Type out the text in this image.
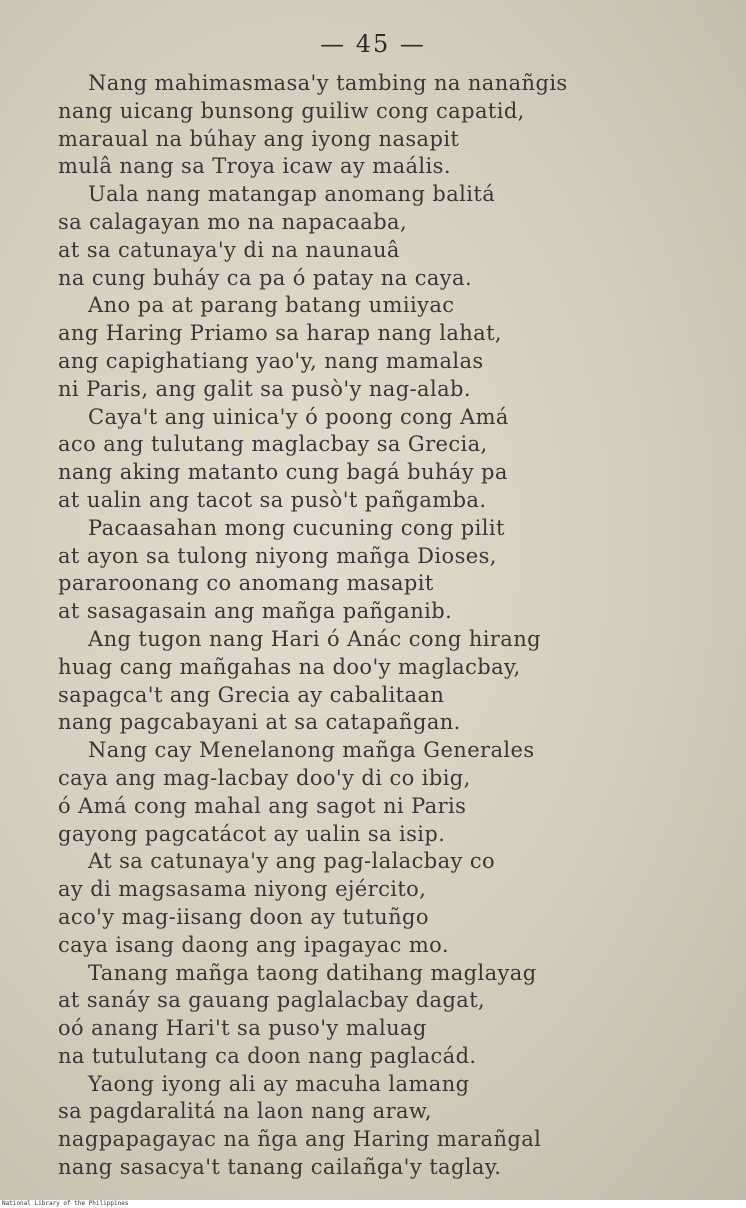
— 45 —
Nang mahimasmasa'y tambing na nanañgis
nang uicang bunsong guiliw cong capatid,
maraual na búhay ang iyong nasapit
mulâ nang sa Troya icaw ay maális.
Uala nang matangap anomang balitá
sa calagayan mo na napacaaba,
at sa catunaya'y di na naunauâ
na cung buháy ca pa ó patay na caya.
Ano pa at parang batang umiiyac
ang Haring Priamo sa harap nang lahat,
ang capighatiang yao'y, nang mamalas
ni Paris, ang galit sa pusò'y nag-alab.
Caya't ang uinica'y ó poong cong Amá
aco ang tulutang maglacbay sa Grecia,
nang aking matanto cung bagá buháy pa
at ualin ang tacot sa pusò't pañgamba.
Pacaasahan mong cucuning cong pilit
at ayon sa tulong niyong mañga Dioses,
pararoonang co anomang masapit
at sasagasain ang mañga pañganib.
Ang tugon nang Hari ó Anác cong hirang
huag cang mañgahas na doo'y maglacbay,
sapagca't ang Grecia ay cabalitaan
nang pagcabayani at sa catapañgan.
Nang cay Menelanong mañga Generales
caya ang mag-lacbay doo'y di co ibig,
ó Amá cong mahal ang sagot ni Paris
gayong pagcatácot ay ualin sa isip.
At sa catunaya'y ang pag-lalacbay co
ay di magsasama niyong ejército,
aco'y mag-iisang doon ay tutuñgo
caya isang daong ang ipagayac mo.
Tanang mañga taong datihang maglayag
at sanáy sa gauang paglalacbay dagat,
oó anang Hari't sa puso'y maluag
na tutulutang ca doon nang paglacád.
Yaong iyong ali ay macuha lamang
sa pagdaralitá na laon nang araw,
nagpapagayac na ñga ang Haring marañgal
nang sasacya't tanang cailañga'y taglay.
National Library of the Philippines
